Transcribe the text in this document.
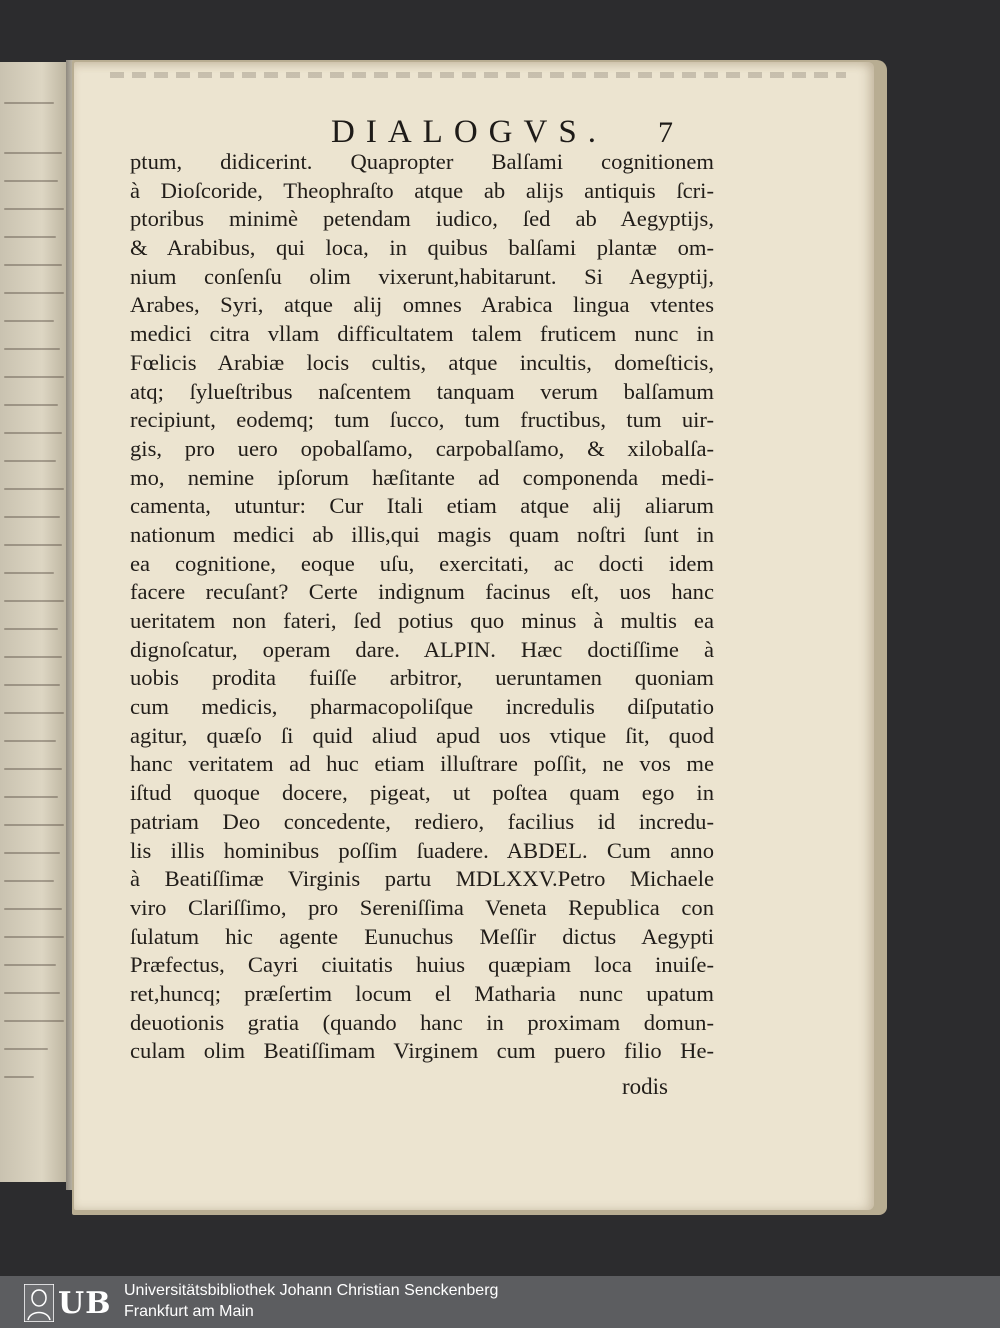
DIALOGVS.	7
ptum, didicerint. Quapropter Balſami cognitionem
à Dioſcoride, Theophraſto atque ab alijs antiquis ſcri-
ptoribus minimè petendam iudico, ſed ab Aegyptijs,
& Arabibus, qui loca, in quibus balſami plantæ om-
nium conſenſu olim vixerunt,habitarunt. Si Aegyptij,
Arabes, Syri, atque alij omnes Arabica lingua vtentes
medici citra vllam difficultatem talem fruticem nunc in
Fœlicis Arabiæ locis cultis, atque incultis, domeſticis,
atq; ſylueſtribus naſcentem tanquam verum balſamum
recipiunt, eodemq; tum ſucco, tum fructibus, tum uir-
gis, pro uero opobalſamo, carpobalſamo, & xilobalſa-
mo, nemine ipſorum hæſitante ad componenda medi-
camenta, utuntur: Cur Itali etiam atque alij aliarum
nationum medici ab illis,qui magis quam noſtri ſunt in
ea cognitione, eoque uſu, exercitati, ac docti idem
facere recuſant? Certe indignum facinus eſt, uos hanc
ueritatem non fateri, ſed potius quo minus à multis ea
dignoſcatur, operam dare. ALPIN. Hæc doctiſſime à
uobis prodita fuiſſe arbitror, ueruntamen quoniam
cum medicis, pharmacopoliſque incredulis diſputatio
agitur, quæſo ſi quid aliud apud uos vtique ſit, quod
hanc veritatem ad huc etiam illuſtrare poſſit, ne vos me
iſtud quoque docere, pigeat, ut poſtea quam ego in
patriam Deo concedente, rediero, facilius id incredu-
lis illis hominibus poſſim ſuadere. ABDEL. Cum anno
à Beatiſſimæ Virginis partu MDLXXV.Petro Michaele
viro Clariſſimo, pro Sereniſſima Veneta Republica con
ſulatum hic agente Eunuchus Meſſir dictus Aegypti
Præfectus, Cayri ciuitatis huius quæpiam loca inuiſe-
ret,huncq; præſertim locum el Matharia nunc upatum
deuotionis gratia (quando hanc in proximam domun-
culam olim Beatiſſimam Virginem cum puero filio He-
rodis
UB Universitätsbibliothek Johann Christian Senckenberg
Frankfurt am Main
